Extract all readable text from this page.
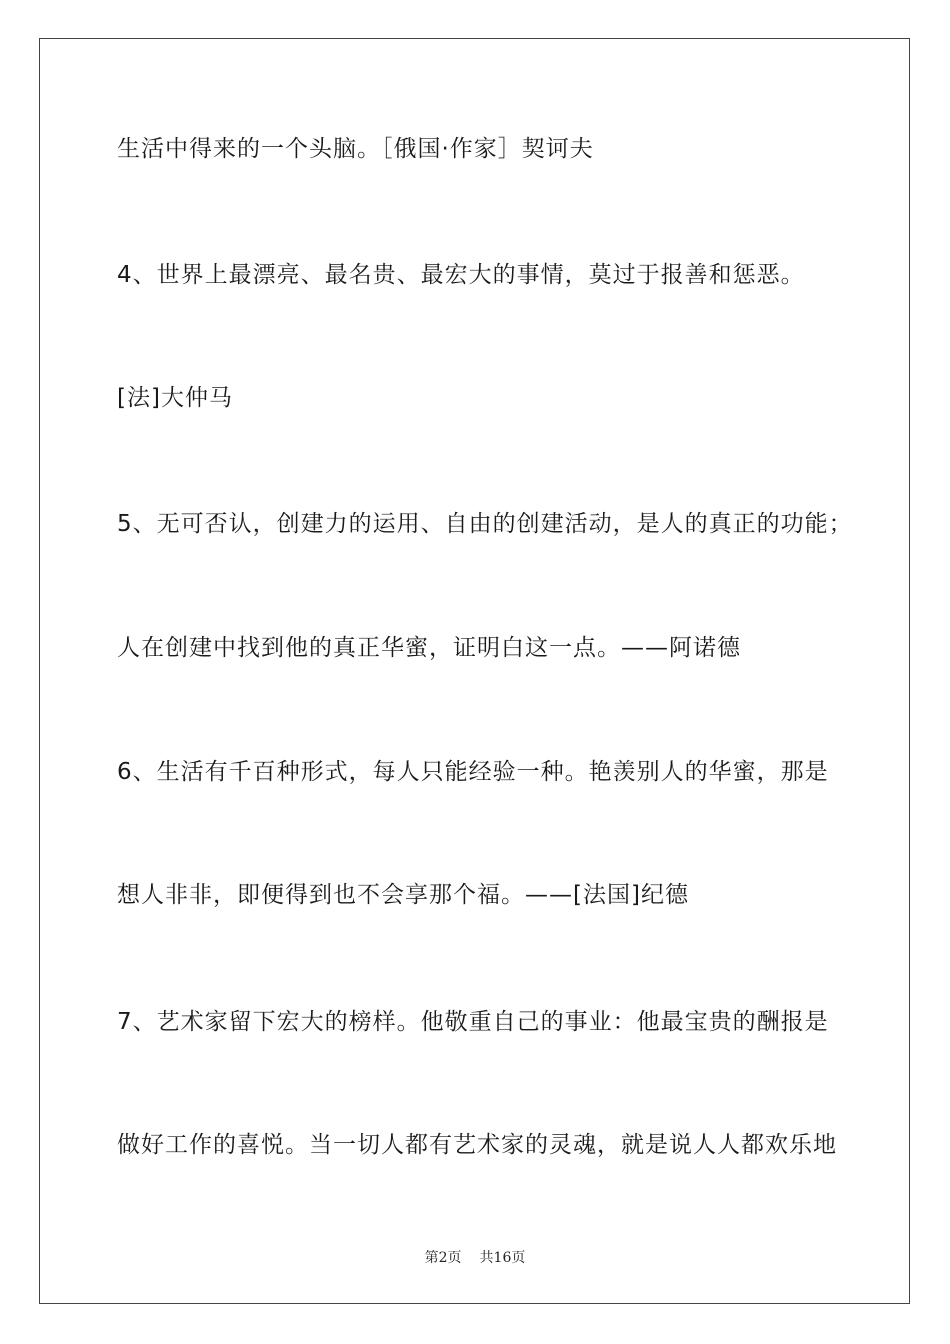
生活中得来的一个头脑。［俄国·作家］契诃夫
4、世界上最漂亮、最名贵、最宏大的事情，莫过于报善和惩恶。
[法]大仲马
5、无可否认，创建力的运用、自由的创建活动，是人的真正的功能；
人在创建中找到他的真正华蜜，证明白这一点。——阿诺德
6、生活有千百种形式，每人只能经验一种。艳羡别人的华蜜，那是
想人非非，即便得到也不会享那个福。——[法国]纪德
7、艺术家留下宏大的榜样。他敬重自己的事业：他最宝贵的酬报是
做好工作的喜悦。当一切人都有艺术家的灵魂，就是说人人都欢乐地
第2页 共16页
